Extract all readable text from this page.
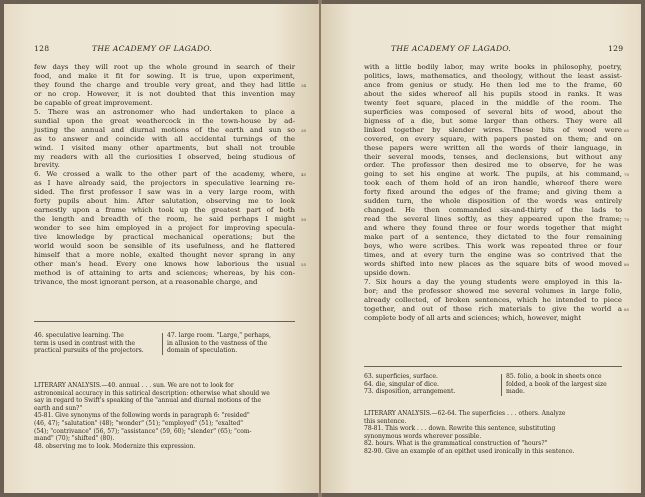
128	THE ACADEMY OF LAGADO.
few days they will root up the whole ground in search of their
food, and make it fit for sowing. It is true, upon experiment,
they found the charge and trouble very great, and they had little
or no crop. However, it is not doubted that this invention may
be capable of great improvement.
5. There was an astronomer who had undertaken to place a
sundial upon the great weathercock in the town-house by ad-
justing the annual and diurnal motions of the earth and sun so
as to answer and coincide with all accidental turnings of the
wind. I visited many other apartments, but shall not trouble
my readers with all the curiosities I observed, being studious of
brevity.
6. We crossed a walk to the other part of the academy, where,
as I have already said, the projectors in speculative learning re-
sided. The first professor I saw was in a very large room, with
forty pupils about him. After salutation, observing me to look
earnestly upon a frame which took up the greatest part of both
the length and breadth of the room, he said perhaps I might
wonder to see him employed in a project for improving specula-
tive knowledge by practical mechanical operations; but the
world would soon be sensible of its usefulness, and he flattered
himself that a more noble, exalted thought never sprang in any
other man's head. Every one knows how laborious the usual
method is of attaining to arts and sciences; whereas, by his con-
trivance, the most ignorant person, at a reasonable charge, and
34
35
45
50
55
46. speculative learning. The
term is used in contrast with the
practical pursuits of the projectors.
47. large room. "Large," perhaps,
in allusion to the vastness of the
domain of speculation.
LITERARY ANALYSIS.—40. annual . . . sun. We are not to look for
astronomical accuracy in this satirical description: otherwise what should we
say in regard to Swift's speaking of the "annual and diurnal motions of the
earth and sun?"
45-81. Give synonyms of the following words in paragraph 6: "resided"
(46, 47); "salutation" (48); "wonder" (51); "employed" (51); "exalted"
(54); "contrivance" (56, 57); "assistance" (59, 60); "slender" (65); "com-
mand" (70); "shifted" (80).
48. observing me to look. Modernize this expression.
THE ACADEMY OF LAGADO.	129
with a little bodily labor, may write books in philosophy, poetry,
politics, laws, mathematics, and theology, without the least assist-
ance from genius or study. He then led me to the frame, 60
about the sides whereof all his pupils stood in ranks. It was
twenty feet square, placed in the middle of the room. The
superficies was composed of several bits of wood, about the
bigness of a die, but some larger than others. They were all
linked together by slender wires. These bits of wood were
covered, on every square, with papers pasted on them; and on
these papers were written all the words of their language, in
their several moods, tenses, and declensions, but without any
order. The professor then desired me to observe, for he was
going to set his engine at work. The pupils, at his command,
took each of them hold of an iron handle, whereof there were
forty fixed around the edges of the frame; and giving them a
sudden turn, the whole disposition of the words was entirely
changed. He then commanded six-and-thirty of the lads to
read the several lines softly, as they appeared upon the frame;
and where they found three or four words together that might
make part of a sentence, they dictated to the four remaining
boys, who were scribes. This work was repeated three or four
times, and at every turn the engine was so contrived that the
words shifted into new places as the square bits of wood moved
upside down.
7. Six hours a day the young students were employed in this la-
bor; and the professor showed me several volumes in large folio,
already collected, of broken sentences, which he intended to piece
together, and out of those rich materials to give the world a
complete body of all arts and sciences; which, however, might
65
70
75
80
85
63. superficies, surface.
64. die, singular of dice.
73. disposition, arrangement.
85. folio, a book in sheets once
folded, a book of the largest size
made.
LITERARY ANALYSIS.—62-64. The superficies . . . others. Analyze
this sentence.
78-81. This work . . . down. Rewrite this sentence, substituting
synonymous words wherever possible.
82. hours. What is the grammatical construction of "hours?"
82-90. Give an example of an epithet used ironically in this sentence.
